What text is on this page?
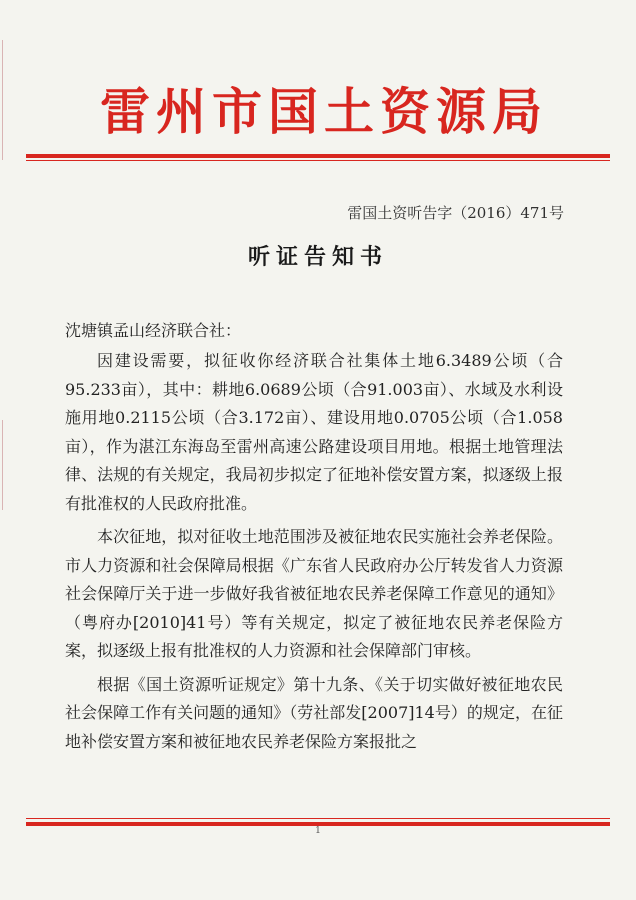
雷州市国土资源局
雷国土资听告字（2016）471号
听证告知书
沈塘镇孟山经济联合社：

因建设需要，拟征收你经济联合社集体土地6.3489公顷（合95.233亩），其中：耕地6.0689公顷（合91.003亩）、水域及水利设施用地0.2115公顷（合3.172亩）、建设用地0.0705公顷（合1.058亩），作为湛江东海岛至雷州高速公路建设项目用地。根据土地管理法律、法规的有关规定，我局初步拟定了征地补偿安置方案，拟逐级上报有批准权的人民政府批准。

本次征地，拟对征收土地范围涉及被征地农民实施社会养老保险。市人力资源和社会保障局根据《广东省人民政府办公厅转发省人力资源社会保障厅关于进一步做好我省被征地农民养老保障工作意见的通知》（粤府办[2010]41号）等有关规定，拟定了被征地农民养老保险方案，拟逐级上报有批准权的人力资源和社会保障部门审核。

根据《国土资源听证规定》第十九条、《关于切实做好被征地农民社会保障工作有关问题的通知》（劳社部发[2007]14号）的规定，在征地补偿安置方案和被征地农民养老保险方案报批之

1
